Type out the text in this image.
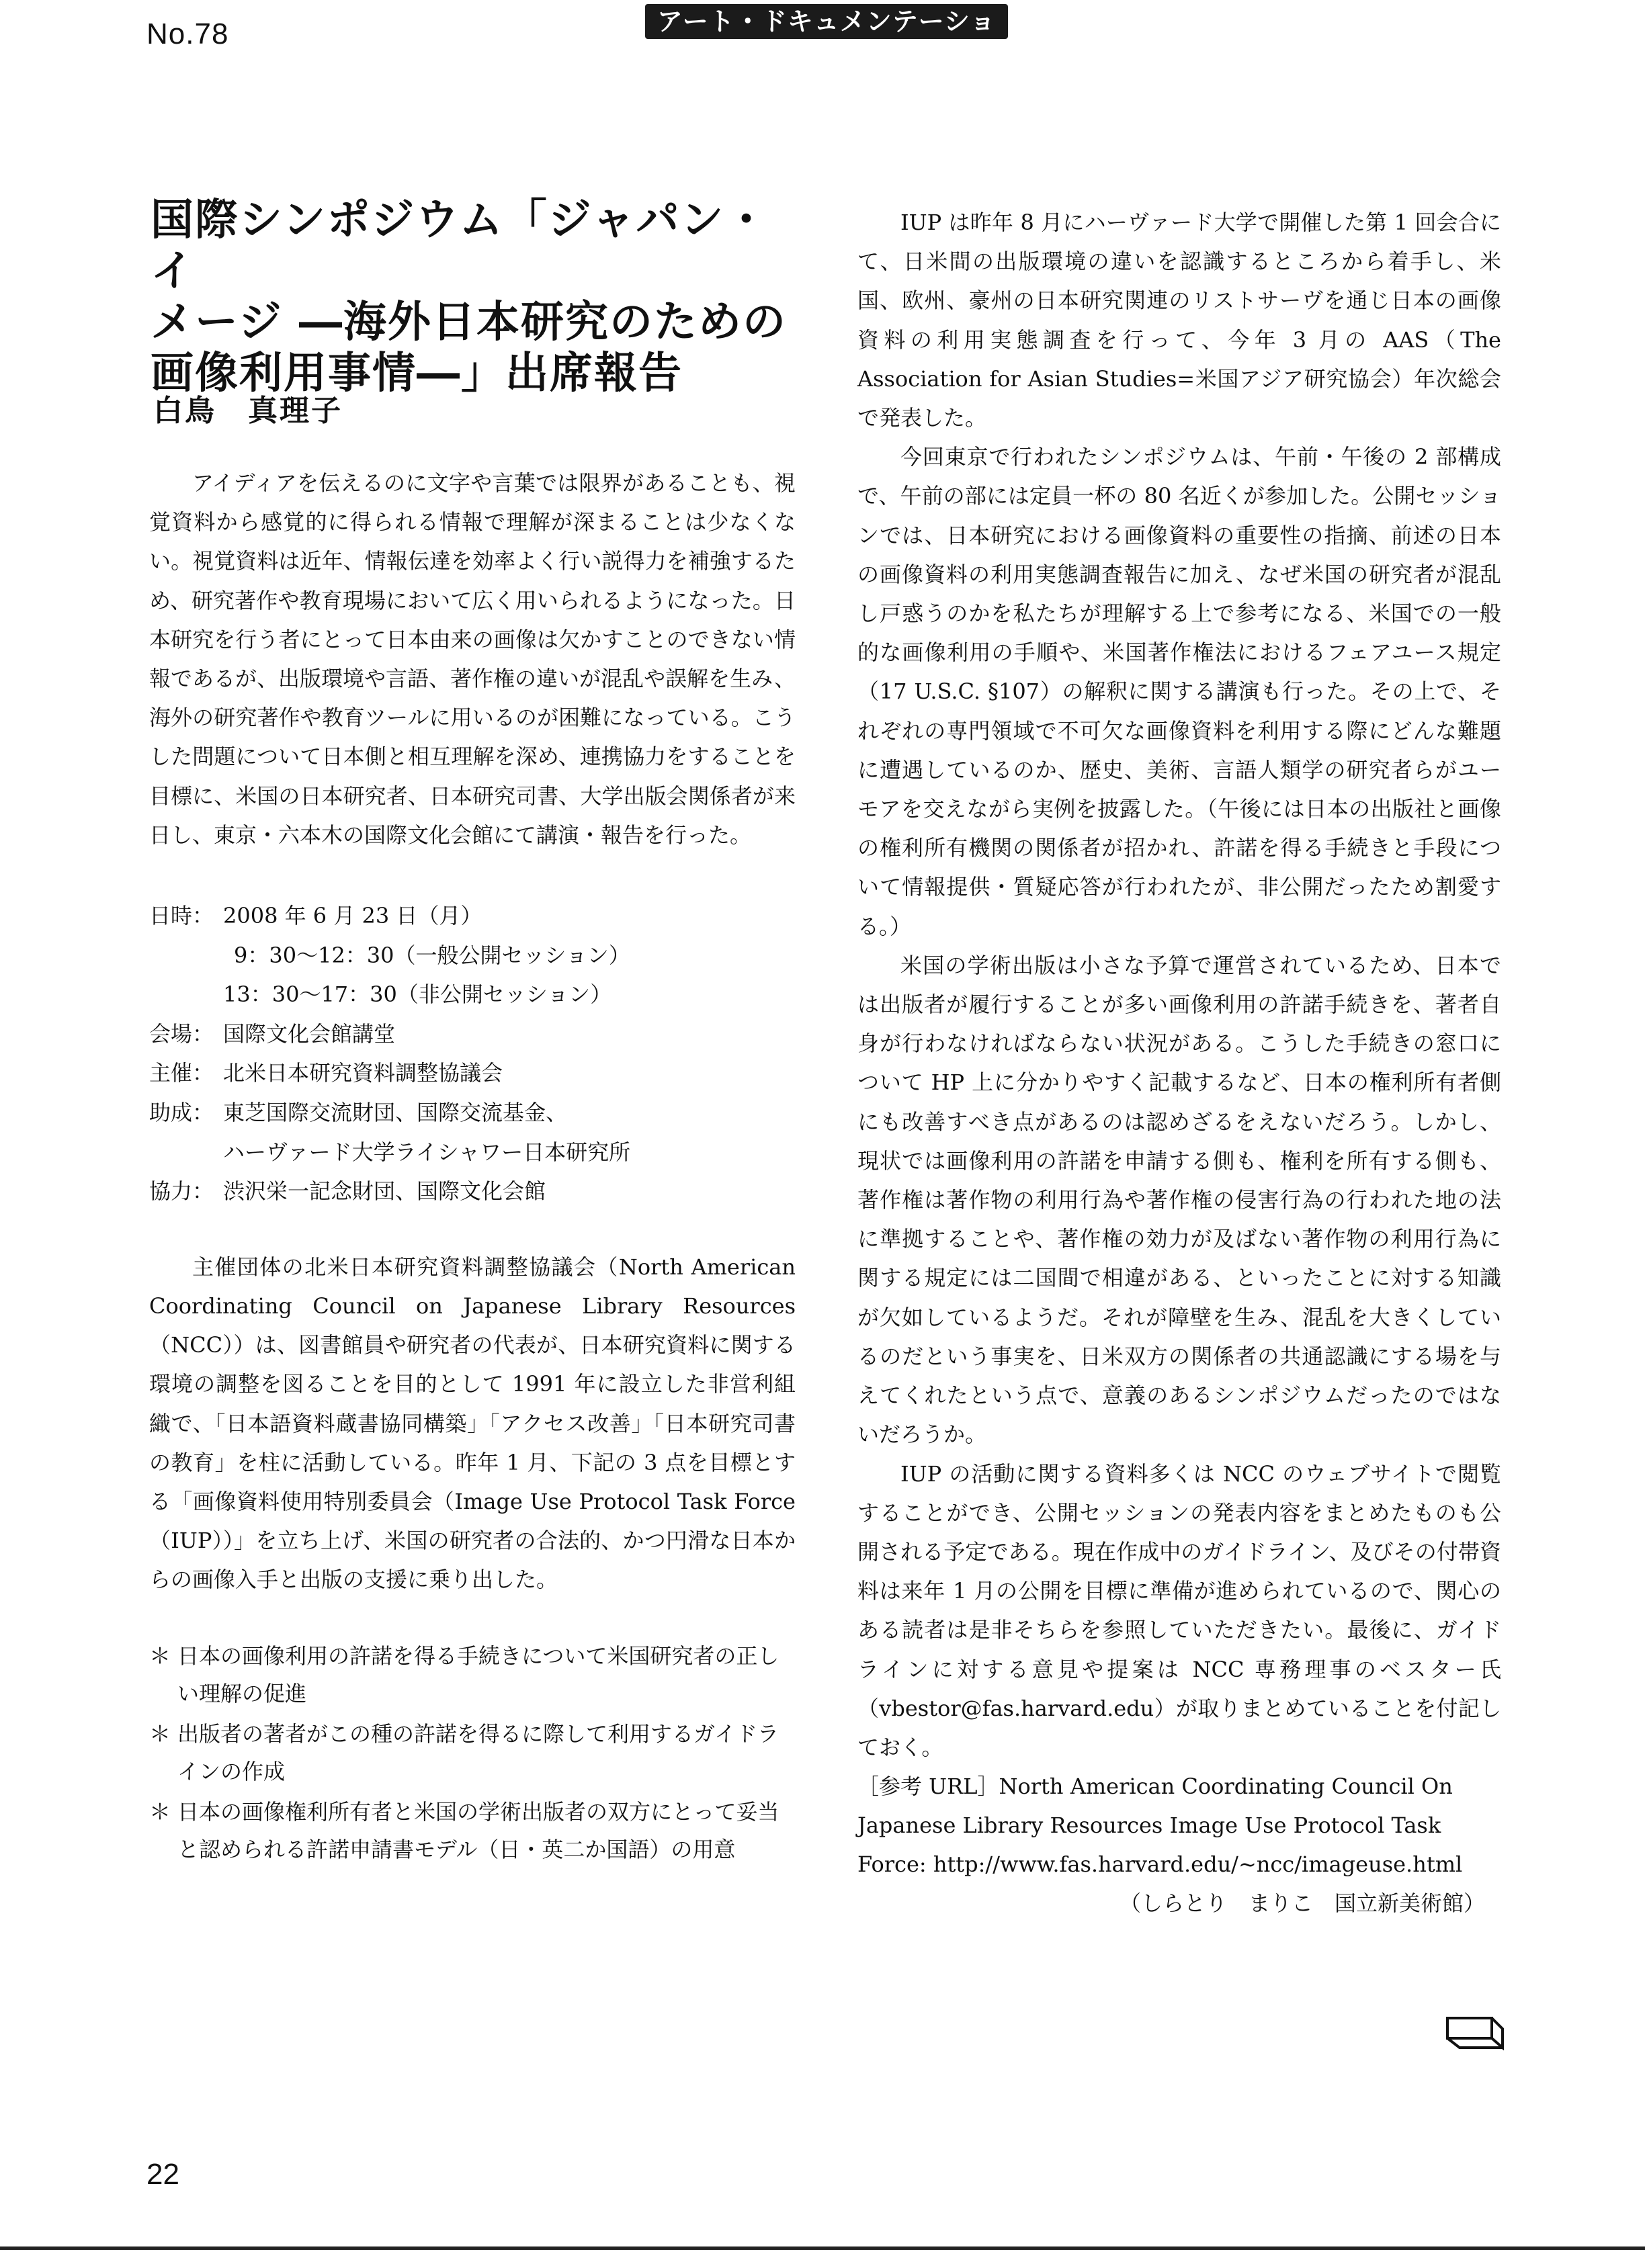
No.78	アート・ドキュメンテーション通信
国際シンポジウム「ジャパン・イ
メージ ―海外日本研究のための
画像利用事情―」出席報告
白鳥　真理子

アイディアを伝えるのに文字や言葉では限界があることも、視覚資料から感覚的に得られる情報で理解が深まることは少なくない。視覚資料は近年、情報伝達を効率よく行い説得力を補強するため、研究著作や教育現場において広く用いられるようになった。日本研究を行う者にとって日本由来の画像は欠かすことのできない情報であるが、出版環境や言語、著作権の違いが混乱や誤解を生み、海外の研究著作や教育ツールに用いるのが困難になっている。こうした問題について日本側と相互理解を深め、連携協力をすることを目標に、米国の日本研究者、日本研究司書、大学出版会関係者が来日し、東京・六本木の国際文化会館にて講演・報告を行った。

日時： 2008 年 6 月 23 日（月）
9：30～12：30（一般公開セッション）
13：30～17：30（非公開セッション）
会場： 国際文化会館講堂
主催： 北米日本研究資料調整協議会
助成： 東芝国際交流財団、国際交流基金、
ハーヴァード大学ライシャワー日本研究所
協力： 渋沢栄一記念財団、国際文化会館

主催団体の北米日本研究資料調整協議会（North American Coordinating Council on Japanese Library Resources（NCC））は、図書館員や研究者の代表が、日本研究資料に関する環境の調整を図ることを目的として 1991 年に設立した非営利組織で、「日本語資料蔵書協同構築」「アクセス改善」「日本研究司書の教育」を柱に活動している。昨年 1 月、下記の 3 点を目標とする「画像資料使用特別委員会（Image Use Protocol Task Force（IUP））」を立ち上げ、米国の研究者の合法的、かつ円滑な日本からの画像入手と出版の支援に乗り出した。

＊ 日本の画像利用の許諾を得る手続きについて米国研究者の正しい理解の促進
＊ 出版者の著者がこの種の許諾を得るに際して利用するガイドラインの作成
＊ 日本の画像権利所有者と米国の学術出版者の双方にとって妥当と認められる許諾申請書モデル（日・英二か国語）の用意

IUP は昨年 8 月にハーヴァード大学で開催した第 1 回会合にて、日米間の出版環境の違いを認識するところから着手し、米国、欧州、豪州の日本研究関連のリストサーヴを通じ日本の画像資料の利用実態調査を行って、今年 3 月の AAS（The Association for Asian Studies=米国アジア研究協会）年次総会で発表した。

今回東京で行われたシンポジウムは、午前・午後の 2 部構成で、午前の部には定員一杯の 80 名近くが参加した。公開セッションでは、日本研究における画像資料の重要性の指摘、前述の日本の画像資料の利用実態調査報告に加え、なぜ米国の研究者が混乱し戸惑うのかを私たちが理解する上で参考になる、米国での一般的な画像利用の手順や、米国著作権法におけるフェアユース規定（17 U.S.C. §107）の解釈に関する講演も行った。その上で、それぞれの専門領域で不可欠な画像資料を利用する際にどんな難題に遭遇しているのか、歴史、美術、言語人類学の研究者らがユーモアを交えながら実例を披露した。（午後には日本の出版社と画像の権利所有機関の関係者が招かれ、許諾を得る手続きと手段について情報提供・質疑応答が行われたが、非公開だったため割愛する。）

米国の学術出版は小さな予算で運営されているため、日本では出版者が履行することが多い画像利用の許諾手続きを、著者自身が行わなければならない状況がある。こうした手続きの窓口について HP 上に分かりやすく記載するなど、日本の権利所有者側にも改善すべき点があるのは認めざるをえないだろう。しかし、現状では画像利用の許諾を申請する側も、権利を所有する側も、著作権は著作物の利用行為や著作権の侵害行為の行われた地の法に準拠することや、著作権の効力が及ばない著作物の利用行為に関する規定には二国間で相違がある、といったことに対する知識が欠如しているようだ。それが障壁を生み、混乱を大きくしているのだという事実を、日米双方の関係者の共通認識にする場を与えてくれたという点で、意義のあるシンポジウムだったのではないだろうか。

IUP の活動に関する資料多くは NCC のウェブサイトで閲覧することができ、公開セッションの発表内容をまとめたものも公開される予定である。現在作成中のガイドライン、及びその付帯資料は来年 1 月の公開を目標に準備が進められているので、関心のある読者は是非そちらを参照していただきたい。最後に、ガイドラインに対する意見や提案は NCC 専務理事のベスター氏（vbestor@fas.harvard.edu）が取りまとめていることを付記しておく。

［参考 URL］North American Coordinating Council On Japanese Library Resources Image Use Protocol Task Force: http://www.fas.harvard.edu/~ncc/imageuse.html
（しらとり　まりこ　国立新美術館）
22
